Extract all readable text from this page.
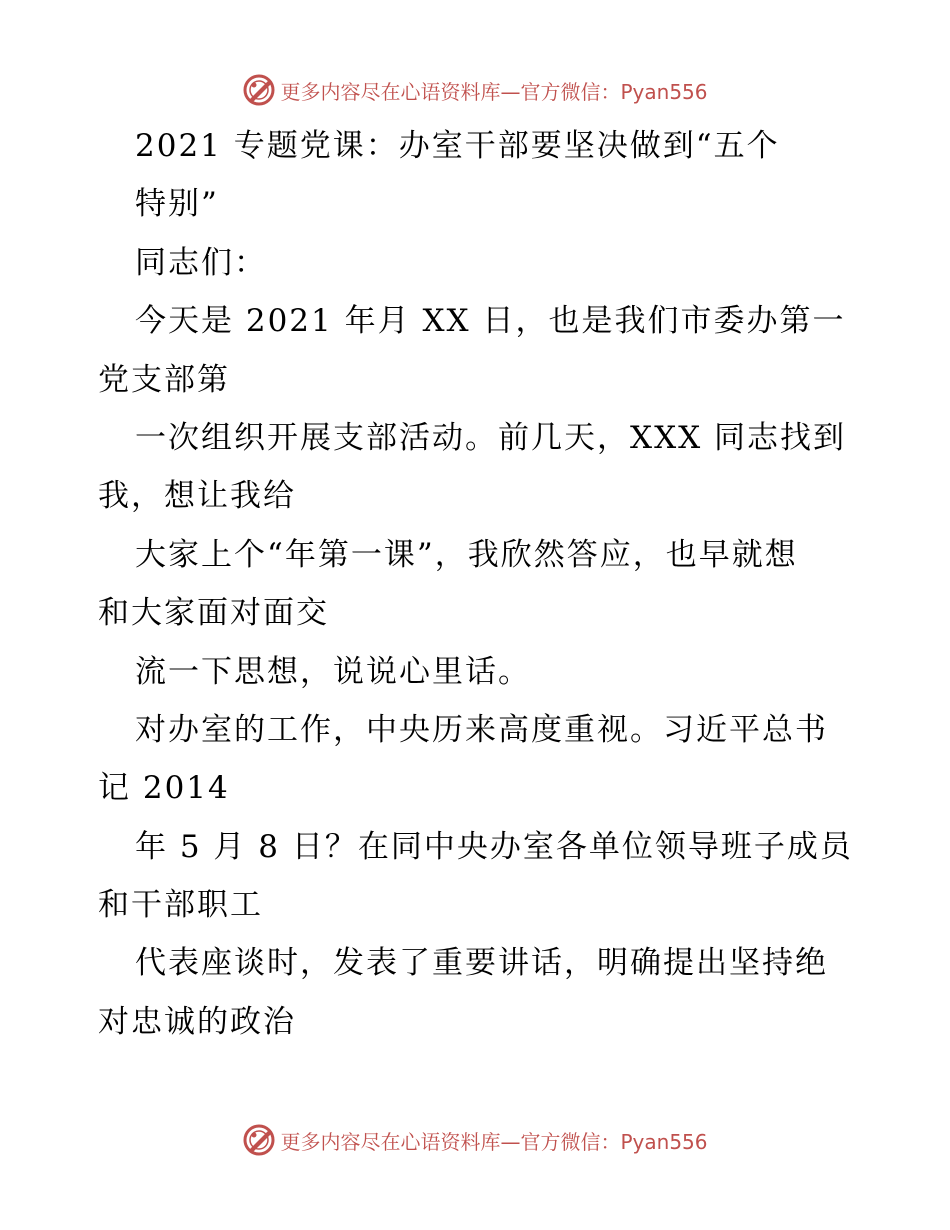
更多内容尽在心语资料库—官方微信：Pyan556
2021 专题党课：办室干部要坚决做到“五个
特别”
同志们：
今天是 2021 年月 XX 日，也是我们市委办第一
党支部第
一次组织开展支部活动。前几天，XXX 同志找到
我，想让我给
大家上个“年第一课”，我欣然答应，也早就想
和大家面对面交
流一下思想，说说心里话。
对办室的工作，中央历来高度重视。习近平总书
记 2014
年 5 月 8 日？在同中央办室各单位领导班子成员
和干部职工
代表座谈时，发表了重要讲话，明确提出坚持绝
对忠诚的政治
更多内容尽在心语资料库—官方微信：Pyan556
